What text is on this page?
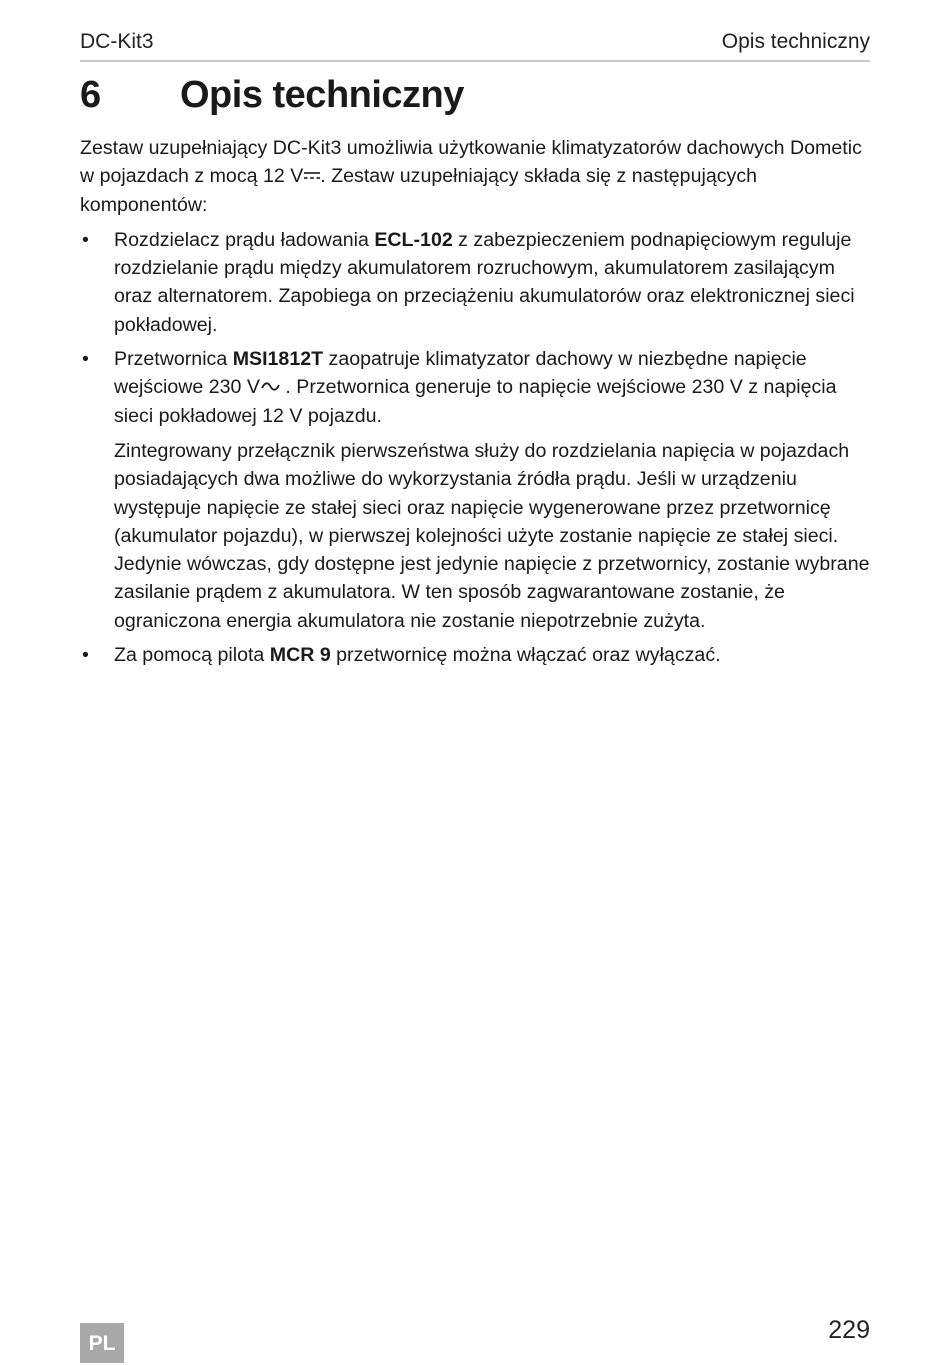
DC-Kit3	Opis techniczny
6 Opis techniczny

Zestaw uzupełniający DC-Kit3 umożliwia użytkowanie klimatyzatorów dachowych Dometic w pojazdach z mocą 12 V . Zestaw uzupełniający składa się z następujących komponentów:

• Rozdzielacz prądu ładowania ECL-102 z zabezpieczeniem podnapięciowym reguluje rozdzielanie prądu między akumulatorem rozruchowym, akumulatorem zasilającym oraz alternatorem. Zapobiega on przeciążeniu akumulatorów oraz elektronicznej sieci pokładowej.
• Przetwornica MSI1812T zaopatruje klimatyzator dachowy w niezbędne napięcie wejściowe 230 V . Przetwornica generuje to napięcie wejściowe 230 V z napięcia sieci pokładowej 12 V pojazdu.

Zintegrowany przełącznik pierwszeństwa służy do rozdzielania napięcia w pojazdach posiadających dwa możliwe do wykorzystania źródła prądu. Jeśli w urządzeniu występuje napięcie ze stałej sieci oraz napięcie wygenerowane przez przetwornicę (akumulator pojazdu), w pierwszej kolejności użyte zostanie napięcie ze stałej sieci. Jedynie wówczas, gdy dostępne jest jedynie napięcie z przetwornicy, zostanie wybrane zasilanie prądem z akumulatora. W ten sposób zagwarantowane zostanie, że ograniczona energia akumulatora nie zostanie niepotrzebnie zużyta.

• Za pomocą pilota MCR 9 przetwornicę można włączać oraz wyłączać.
PL	229
